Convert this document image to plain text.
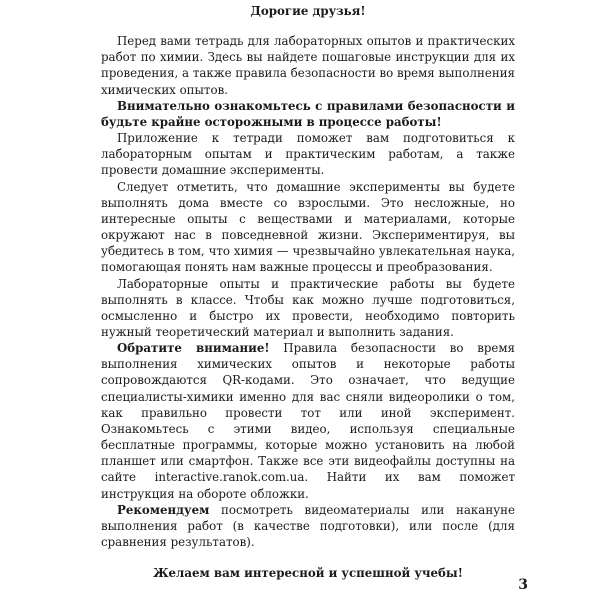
Дорогие друзья!

Перед вами тетрадь для лабораторных опытов и практических работ по химии. Здесь вы найдете пошаговые инструкции для их проведения, а также правила безопасности во время выполнения химических опытов.

Внимательно ознакомьтесь с правилами безопасности и будьте крайне осторожными в процессе работы!

Приложение к тетради поможет вам подготовиться к лабораторным опытам и практическим работам, а также провести домашние эксперименты.

Следует отметить, что домашние эксперименты вы будете выполнять дома вместе со взрослыми. Это несложные, но интересные опыты с веществами и материалами, которые окружают нас в повседневной жизни. Экспериментируя, вы убедитесь в том, что химия — чрезвычайно увлекательная наука, помогающая понять нам важные процессы и преобразования.

Лабораторные опыты и практические работы вы будете выполнять в классе. Чтобы как можно лучше подготовиться, осмысленно и быстро их провести, необходимо повторить нужный теоретический материал и выполнить задания.

Обратите внимание! Правила безопасности во время выполнения химических опытов и некоторые работы сопровождаются QR-кодами. Это означает, что ведущие специалисты-химики именно для вас сняли видеоролики о том, как правильно провести тот или иной эксперимент. Ознакомьтесь с этими видео, используя специальные бесплатные программы, которые можно установить на любой планшет или смартфон. Также все эти видеофайлы доступны на сайте interactive.ranok.com.ua. Найти их вам поможет инструкция на обороте обложки.

Рекомендуем посмотреть видеоматериалы или накануне выполнения работ (в качестве подготовки), или после (для сравнения результатов).

Желаем вам интересной и успешной учебы!

3
